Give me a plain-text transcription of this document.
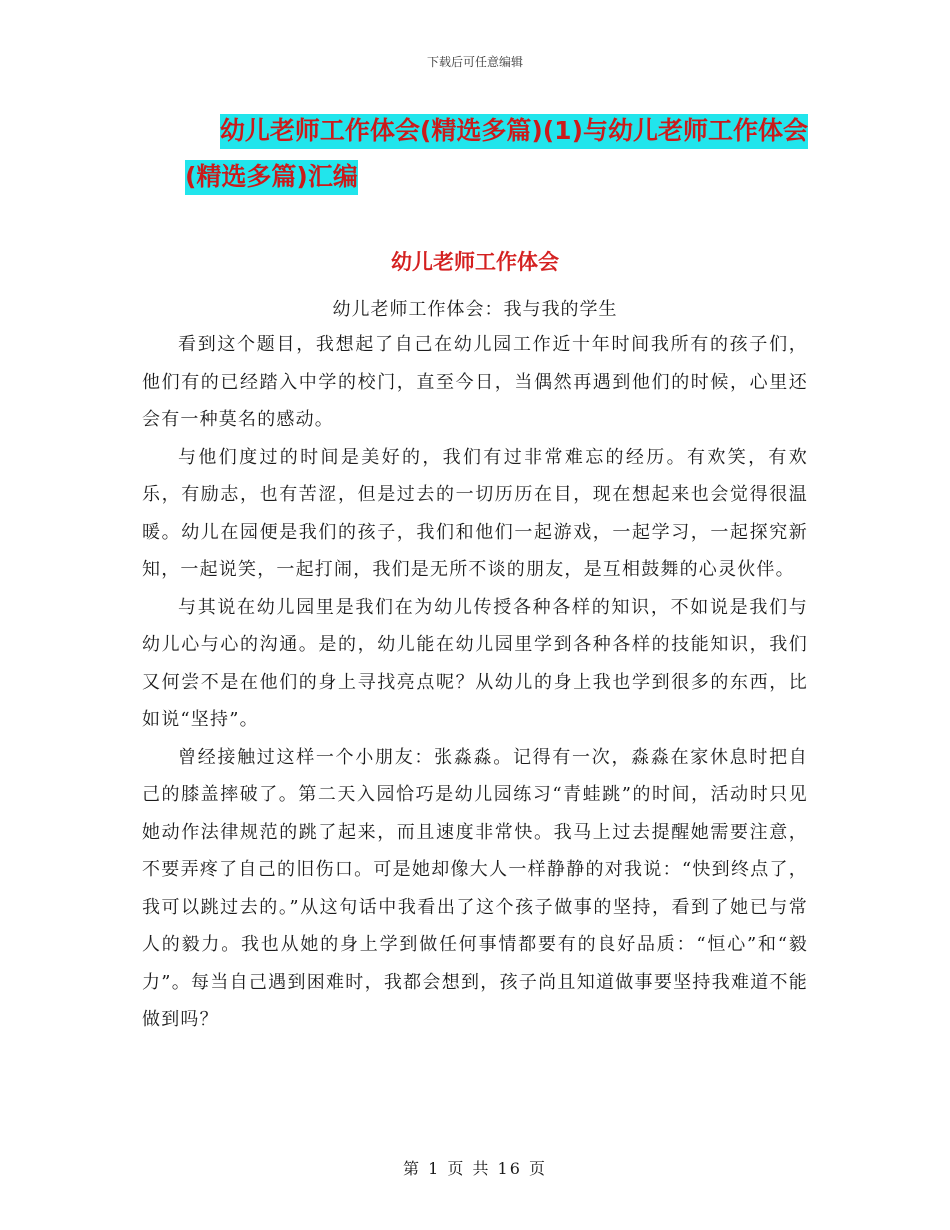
下载后可任意编辑
幼儿老师工作体会(精选多篇)(1)与幼儿老师工作体会
(精选多篇)汇编
幼儿老师工作体会
幼儿老师工作体会：我与我的学生

看到这个题目，我想起了自己在幼儿园工作近十年时间我所有的孩子们，他们有的已经踏入中学的校门，直至今日，当偶然再遇到他们的时候，心里还会有一种莫名的感动。

与他们度过的时间是美好的，我们有过非常难忘的经历。有欢笑，有欢乐，有励志，也有苦涩，但是过去的一切历历在目，现在想起来也会觉得很温暖。幼儿在园便是我们的孩子，我们和他们一起游戏，一起学习，一起探究新知，一起说笑，一起打闹，我们是无所不谈的朋友，是互相鼓舞的心灵伙伴。

与其说在幼儿园里是我们在为幼儿传授各种各样的知识，不如说是我们与幼儿心与心的沟通。是的，幼儿能在幼儿园里学到各种各样的技能知识，我们又何尝不是在他们的身上寻找亮点呢？从幼儿的身上我也学到很多的东西，比如说“坚持”。

曾经接触过这样一个小朋友：张淼淼。记得有一次，淼淼在家休息时把自己的膝盖摔破了。第二天入园恰巧是幼儿园练习“青蛙跳”的时间，活动时只见她动作法律规范的跳了起来，而且速度非常快。我马上过去提醒她需要注意，不要弄疼了自己的旧伤口。可是她却像大人一样静静的对我说：“快到终点了，我可以跳过去的。”从这句话中我看出了这个孩子做事的坚持，看到了她已与常人的毅力。我也从她的身上学到做任何事情都要有的良好品质：“恒心”和“毅力”。每当自己遇到困难时，我都会想到，孩子尚且知道做事要坚持我难道不能做到吗？

第 1 页 共 16 页
